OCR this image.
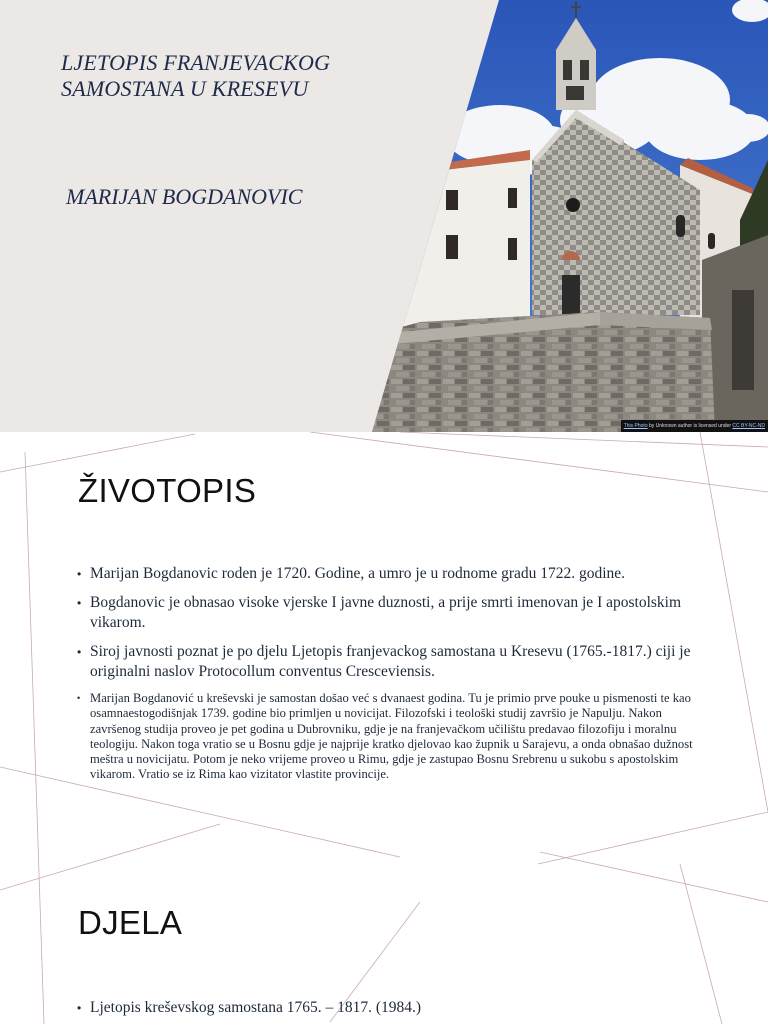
LJETOPIS FRANJEVACKOG SAMOSTANA U KRESEVU
MARIJAN BOGDANOVIC
This Photo by Unknown author is licensed under CC BY-NC-ND
ŽIVOTOPIS
• Marijan Bogdanovic roden je 1720. Godine, a umro je u rodnome gradu 1722. godine.
• Bogdanovic je obnasao visoke vjerske I javne duznosti, a prije smrti imenovan je I apostolskim vikarom.
• Siroj javnosti poznat je po djelu Ljetopis franjevackog samostana u Kresevu (1765.-1817.) ciji je originalni naslov Protocollum conventus Cresceviensis.
• Marijan Bogdanović u kreševski je samostan došao već s dvanaest godina. Tu je primio prve pouke u pismenosti te kao osamnaestogodišnjak 1739. godine bio primljen u novicijat. Filozofski i teološki studij završio je Napulju. Nakon završenog studija proveo je pet godina u Dubrovniku, gdje je na franjevačkom učilištu predavao filozofiju i moralnu teologiju. Nakon toga vratio se u Bosnu gdje je najprije kratko djelovao kao župnik u Sarajevu, a onda obnašao dužnost meštra u novicijatu. Potom je neko vrijeme proveo u Rimu, gdje je zastupao Bosnu Srebrenu u sukobu s apostolskim vikarom. Vratio se iz Rima kao vizitator vlastite provincije.
DJELA
• Ljetopis kreševskog samostana 1765. – 1817. (1984.)
